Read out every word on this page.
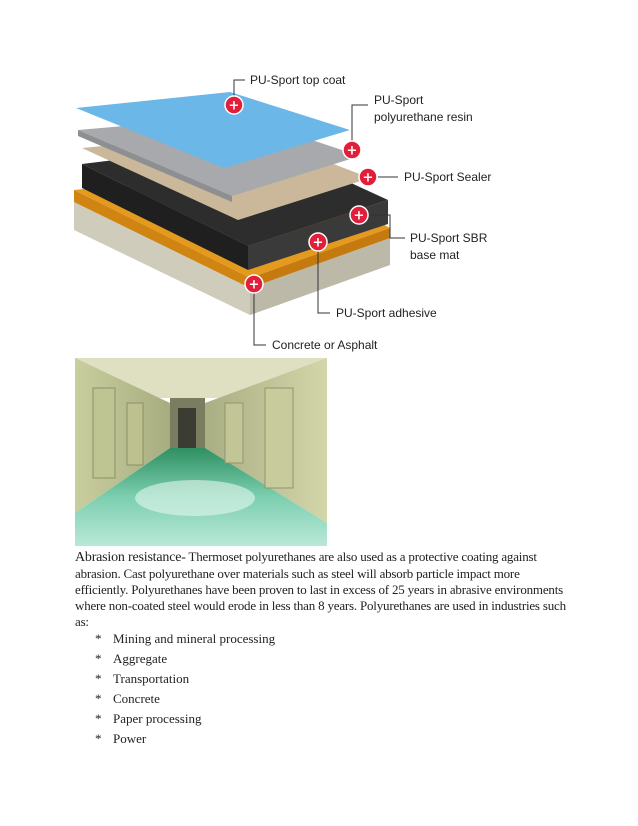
+
+
+
+
+
+
PU-Sport top coat
PU-Sport
polyurethane resin
PU-Sport Sealer
PU-Sport SBR
base mat
PU-Sport adhesive
Concrete or Asphalt
Abrasion resistance- Thermoset polyurethanes are also used as a protective coating against abrasion. Cast polyurethane over materials such as steel will absorb particle impact more efficiently. Polyurethanes have been proven to last in excess of 25 years in abrasive environments where non-coated steel would erode in less than 8 years. Polyurethanes are used in industries such as:
* Mining and mineral processing
* Aggregate
* Transportation
* Concrete
* Paper processing
* Power
